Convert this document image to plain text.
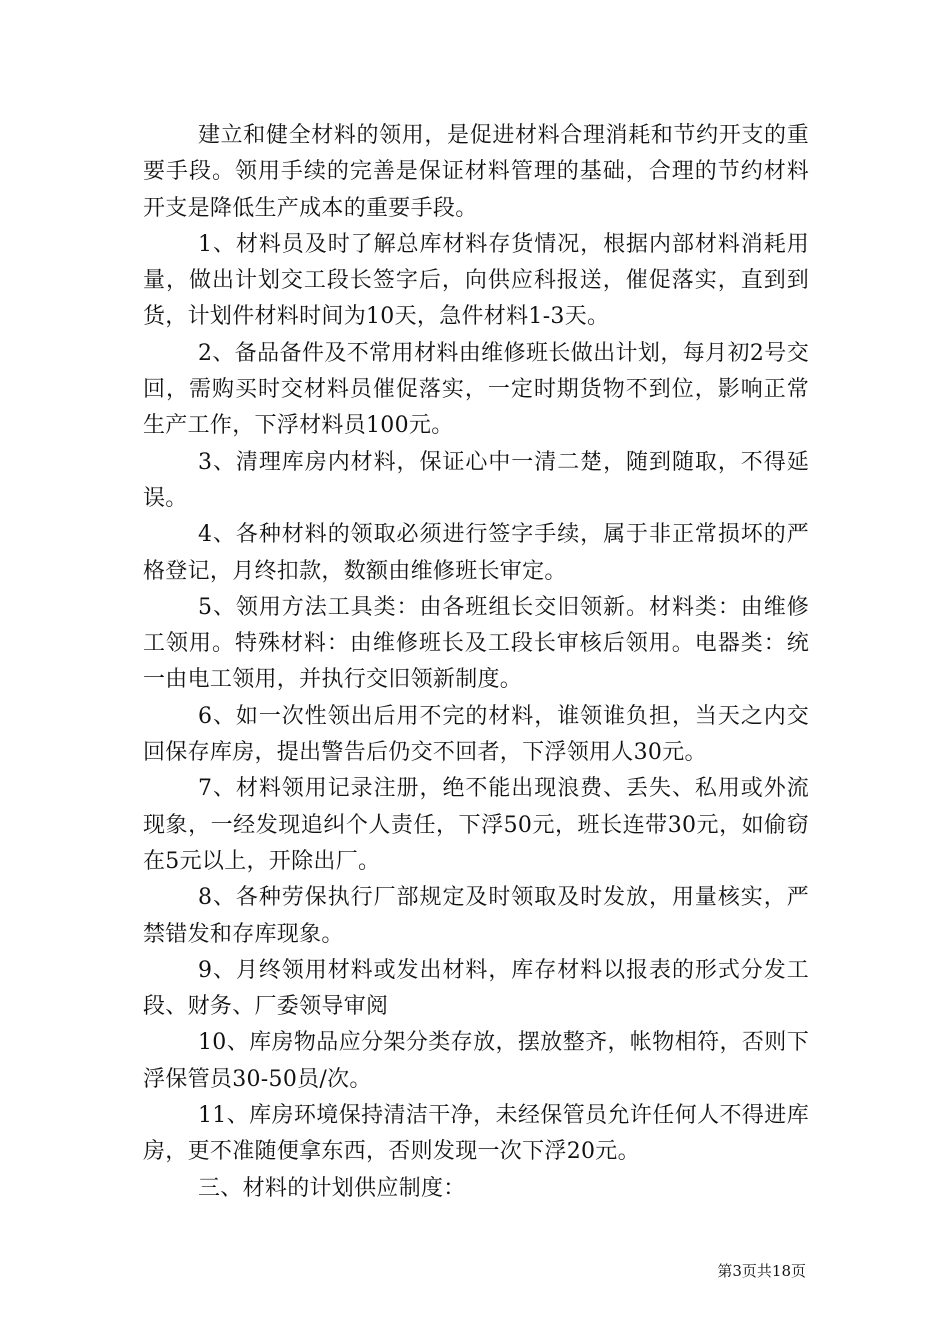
建立和健全材料的领用，是促进材料合理消耗和节约开支的重要手段。领用手续的完善是保证材料管理的基础，合理的节约材料开支是降低生产成本的重要手段。

1、材料员及时了解总库材料存货情况，根据内部材料消耗用量，做出计划交工段长签字后，向供应科报送，催促落实，直到到货，计划件材料时间为10天，急件材料1-3天。

2、备品备件及不常用材料由维修班长做出计划，每月初2号交回，需购买时交材料员催促落实，一定时期货物不到位，影响正常生产工作，下浮材料员100元。

3、清理库房内材料，保证心中一清二楚，随到随取，不得延误。

4、各种材料的领取必须进行签字手续，属于非正常损坏的严格登记，月终扣款，数额由维修班长审定。

5、领用方法工具类：由各班组长交旧领新。材料类：由维修工领用。特殊材料：由维修班长及工段长审核后领用。电器类：统一由电工领用，并执行交旧领新制度。

6、如一次性领出后用不完的材料，谁领谁负担，当天之内交回保存库房，提出警告后仍交不回者，下浮领用人30元。

7、材料领用记录注册，绝不能出现浪费、丢失、私用或外流现象，一经发现追纠个人责任，下浮50元，班长连带30元，如偷窃在5元以上，开除出厂。

8、各种劳保执行厂部规定及时领取及时发放，用量核实，严禁错发和存库现象。

9、月终领用材料或发出材料，库存材料以报表的形式分发工段、财务、厂委领导审阅

10、库房物品应分架分类存放，摆放整齐，帐物相符，否则下浮保管员30-50员/次。

11、库房环境保持清洁干净，未经保管员允许任何人不得进库房，更不准随便拿东西，否则发现一次下浮20元。

三、材料的计划供应制度：

第3页共18页
